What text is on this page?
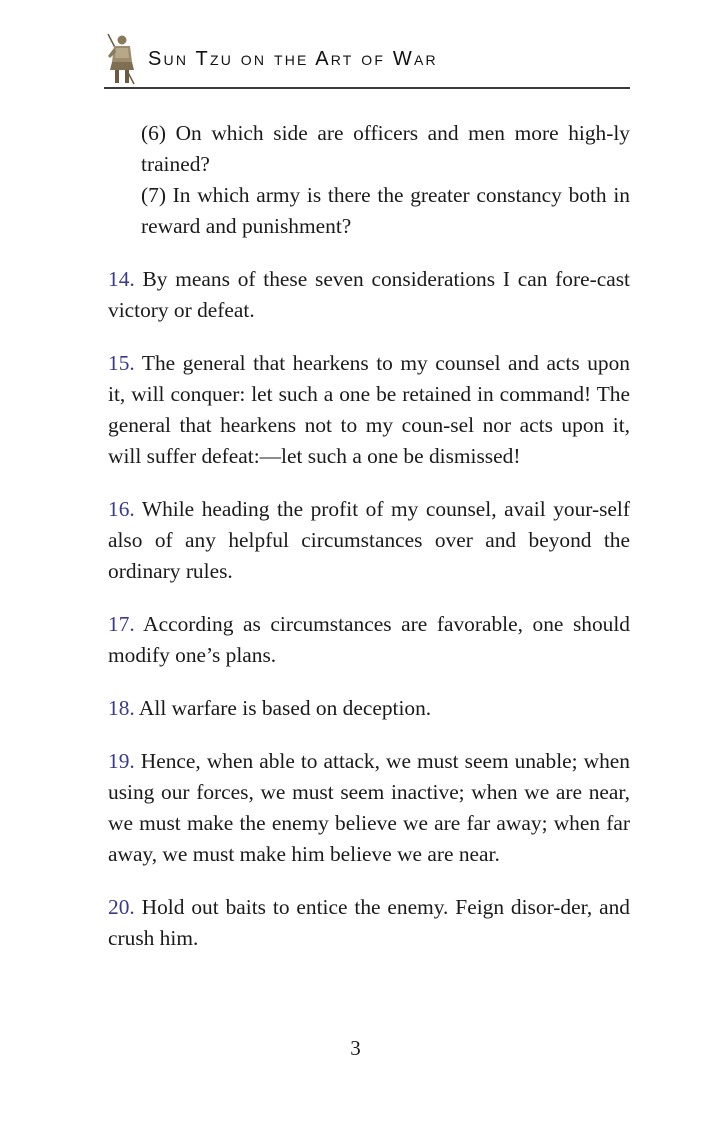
Sun Tzu on the Art of War

(6) On which side are officers and men more high-ly trained?

(7) In which army is there the greater constancy both in reward and punishment?

14. By means of these seven considerations I can fore-cast victory or defeat.

15. The general that hearkens to my counsel and acts upon it, will conquer: let such a one be retained in command! The general that hearkens not to my coun-sel nor acts upon it, will suffer defeat:—let such a one be dismissed!

16. While heading the profit of my counsel, avail your-self also of any helpful circumstances over and beyond the ordinary rules.

17. According as circumstances are favorable, one should modify one’s plans.

18. All warfare is based on deception.

19. Hence, when able to attack, we must seem unable; when using our forces, we must seem inactive; when we are near, we must make the enemy believe we are far away; when far away, we must make him believe we are near.

20. Hold out baits to entice the enemy. Feign disor-der, and crush him.

3
